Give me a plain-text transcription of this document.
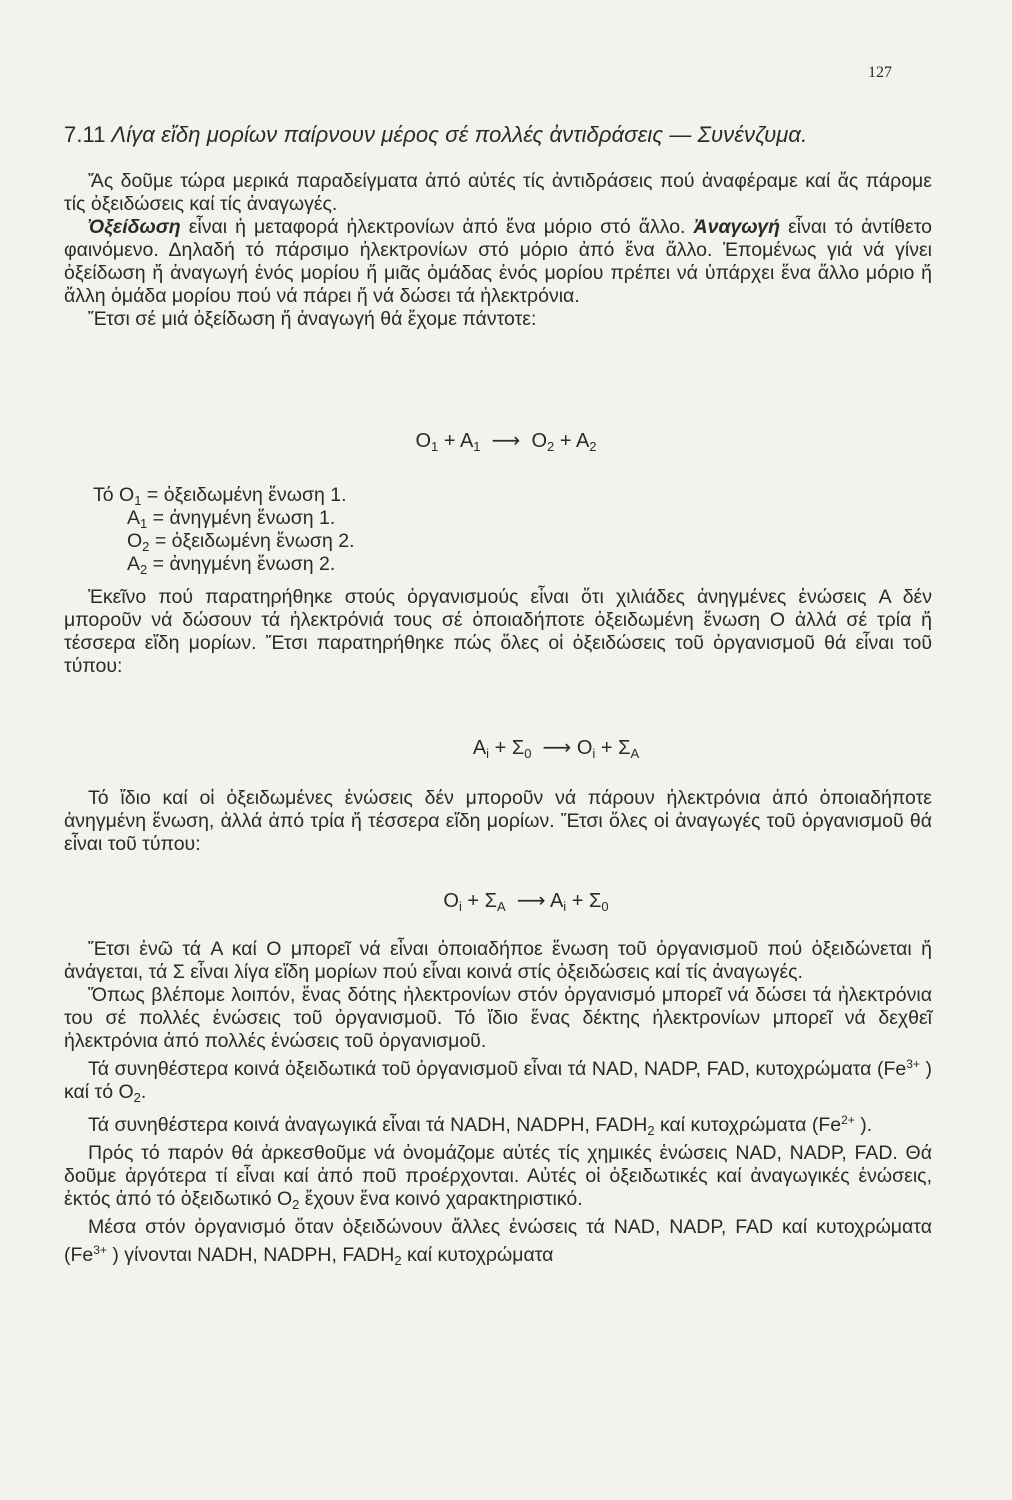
127
7.11 Λίγα εἴδη μορίων παίρνουν μέρος σέ πολλές ἀντιδράσεις — Συνένζυμα.

Ἄς δοῦμε τώρα μερικά παραδείγματα ἀπό αὐτές τίς ἀντιδράσεις πού ἀναφέραμε καί ἄς πάρομε τίς ὀξειδώσεις καί τίς ἀναγωγές.

Ὀξείδωση εἶναι ἡ μεταφορά ἠλεκτρονίων ἀπό ἕνα μόριο στό ἄλλο. Ἀναγωγή εἶναι τό ἀντίθετο φαινόμενο. Δηλαδή τό πάρσιμο ἠλεκτρονίων στό μόριο ἀπό ἕνα ἄλλο. Ἑπομένως γιά νά γίνει ὀξείδωση ἤ ἀναγωγή ἑνός μορίου ἤ μιᾶς ὁμάδας ἑνός μορίου πρέπει νά ὑπάρχει ἕνα ἄλλο μόριο ἤ ἄλλη ὁμάδα μορίου πού νά πάρει ἤ νά δώσει τά ἠλεκτρόνια.

Ἔτσι σέ μιά ὀξείδωση ἤ ἀναγωγή θά ἔχομε πάντοτε:

$O_1 + A_1$ ⟶ $O_2 + A_2$
Τό $O_1$ = ὀξειδωμένη ἕνωση 1.
$A_1$ = ἀνηγμένη ἕνωση 1.
$O_2$ = ὀξειδωμένη ἕνωση 2.
$A_2$ = ἀνηγμένη ἕνωση 2.

Ἐκεῖνο πού παρατηρήθηκε στούς ὀργανισμούς εἶναι ὅτι χιλιάδες ἀνηγμένες ἑνώσεις A δέν μποροῦν νά δώσουν τά ἠλεκτρόνιά τους σέ ὁποιαδήποτε ὀξειδωμένη ἕνωση O ἀλλά σέ τρία ἤ τέσσερα εἴδη μορίων. Ἔτσι παρατηρήθηκε πώς ὅλες οἱ ὀξειδώσεις τοῦ ὀργανισμοῦ θά εἶναι τοῦ τύπου:

$A_i + \Sigma_0$ ⟶ $O_i + \Sigma_A$

Τό ἴδιο καί οἱ ὀξειδωμένες ἑνώσεις δέν μποροῦν νά πάρουν ἠλεκτρόνια ἀπό ὁποιαδήποτε ἀνηγμένη ἕνωση, ἀλλά ἀπό τρία ἤ τέσσερα εἴδη μορίων. Ἔτσι ὅλες οἱ ἀναγωγές τοῦ ὀργανισμοῦ θά εἶναι τοῦ τύπου:

$O_i + \Sigma_A$ ⟶ $A_i + \Sigma_0$

Ἔτσι ἐνῶ τά A καί O μπορεῖ νά εἶναι ὁποιαδήποε ἕνωση τοῦ ὀργανισμοῦ πού ὀξειδώνεται ἤ ἀνάγεται, τά Σ εἶναι λίγα εἴδη μορίων πού εἶναι κοινά στίς ὀξειδώσεις καί τίς ἀναγωγές.

Ὅπως βλέπομε λοιπόν, ἕνας δότης ἠλεκτρονίων στόν ὀργανισμό μπορεῖ νά δώσει τά ἠλεκτρόνια του σέ πολλές ἑνώσεις τοῦ ὀργανισμοῦ. Τό ἴδιο ἕνας δέκτης ἠλεκτρονίων μπορεῖ νά δεχθεῖ ἠλεκτρόνια ἀπό πολλές ἑνώσεις τοῦ ὀργανισμοῦ.

Τά συνηθέστερα κοινά ὀξειδωτικά τοῦ ὀργανισμοῦ εἶναι τά NAD, NADP, FAD, κυτοχρώματα ($Fe^{3+}$ ) καί τό $O_2$.

Τά συνηθέστερα κοινά ἀναγωγικά εἶναι τά NADH, NADPH, $FADH_2$ καί κυτοχρώματα ($Fe^{2+}$ ).

Πρός τό παρόν θά ἀρκεσθοῦμε νά ὀνομάζομε αὐτές τίς χημικές ἑνώσεις NAD, NADP, FAD. Θά δοῦμε ἀργότερα τί εἶναι καί ἀπό ποῦ προέρχονται. Αὐτές οἱ ὀξειδωτικές καί ἀναγωγικές ἑνώσεις, ἐκτός ἀπό τό ὀξειδωτικό $O_2$ ἔχουν ἕνα κοινό χαρακτηριστικό.

Μέσα στόν ὀργανισμό ὅταν ὀξειδώνουν ἄλλες ἑνώσεις τά NAD, NADP, FAD καί κυτοχρώματα ($Fe^{3+}$ ) γίνονται NADH, NADPH, $FADH_2$ καί κυτοχρώματα
